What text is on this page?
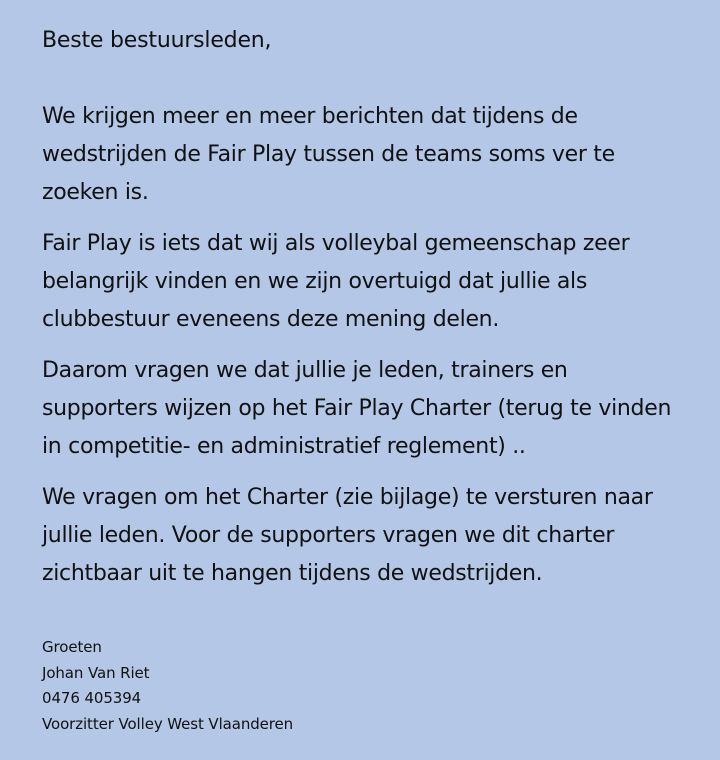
Beste bestuursleden,

We krijgen meer en meer berichten dat tijdens de wedstrijden de Fair Play tussen de teams soms ver te zoeken is.

Fair Play is iets dat wij als volleybal gemeenschap zeer belangrijk vinden en we zijn overtuigd dat jullie als clubbestuur eveneens deze mening delen.

Daarom vragen we dat jullie je leden, trainers en supporters wijzen op het Fair Play Charter (terug te vinden in competitie- en administratief reglement) ..

We vragen om het Charter (zie bijlage) te versturen naar jullie leden. Voor de supporters vragen we dit charter zichtbaar uit te hangen tijdens de wedstrijden.

Groeten
Johan Van Riet
0476 405394
Voorzitter Volley West Vlaanderen
